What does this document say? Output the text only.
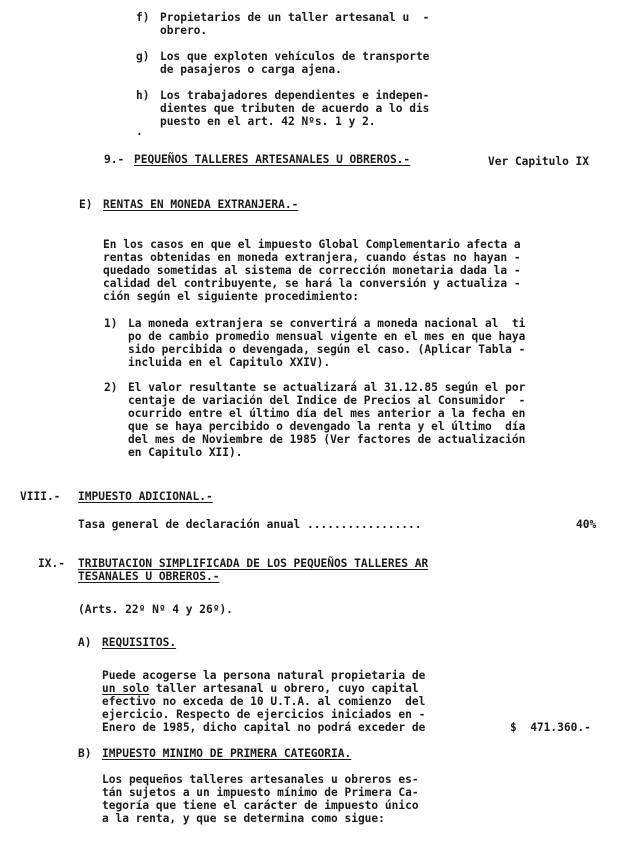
f) Propietarios de un taller artesanal u  -
obrero.
g) Los que exploten vehículos de transporte
de pasajeros o carga ajena.
h) Los trabajadores dependientes e indepen-
dientes que tributen de acuerdo a lo dis
puesto en el art. 42 Nºs. 1 y 2.
.
9.- PEQUEÑOS TALLERES ARTESANALES U OBREROS.-	Ver Capitulo IX
E) RENTAS EN MONEDA EXTRANJERA.-
En los casos en que el impuesto Global Complementario afecta a
rentas obtenidas en moneda extranjera, cuando éstas no hayan -
quedado sometidas al sistema de corrección monetaria dada la -
calidad del contribuyente, se hará la conversión y actualiza -
ción según el siguiente procedimiento:
1) La moneda extranjera se convertirá a moneda nacional al  ti
po de cambio promedio mensual vigente en el mes en que haya
sido percibida o devengada, según el caso. (Aplicar Tabla -
incluida en el Capitulo XXIV).
2) El valor resultante se actualizará al 31.12.85 según el por
centaje de variación del Indice de Precios al Consumidor  -
ocurrido entre el último día del mes anterior a la fecha en
que se haya percibido o devengado la renta y el último  día
del mes de Noviembre de 1985 (Ver factores de actualización
en Capitulo XII).
VIII.- IMPUESTO ADICIONAL.-
Tasa general de declaración anual .................	40%
IX.- TRIBUTACION SIMPLIFICADA DE LOS PEQUEÑOS TALLERES AR
TESANALES U OBREROS.-
(Arts. 22º Nº 4 y 26º).
A) REQUISITOS.
Puede acogerse la persona natural propietaria de
un solo taller artesanal u obrero, cuyo capital
efectivo no exceda de 10 U.T.A. al comienzo  del
ejercicio. Respecto de ejercicios iniciados en -
Enero de 1985, dicho capital no podrá exceder de	$  471.360.-
B) IMPUESTO MINIMO DE PRIMERA CATEGORIA.
Los pequeños talleres artesanales u obreros es-
tán sujetos a un impuesto mínimo de Primera Ca-
tegoría que tiene el carácter de impuesto único
a la renta, y que se determina como sigue:
